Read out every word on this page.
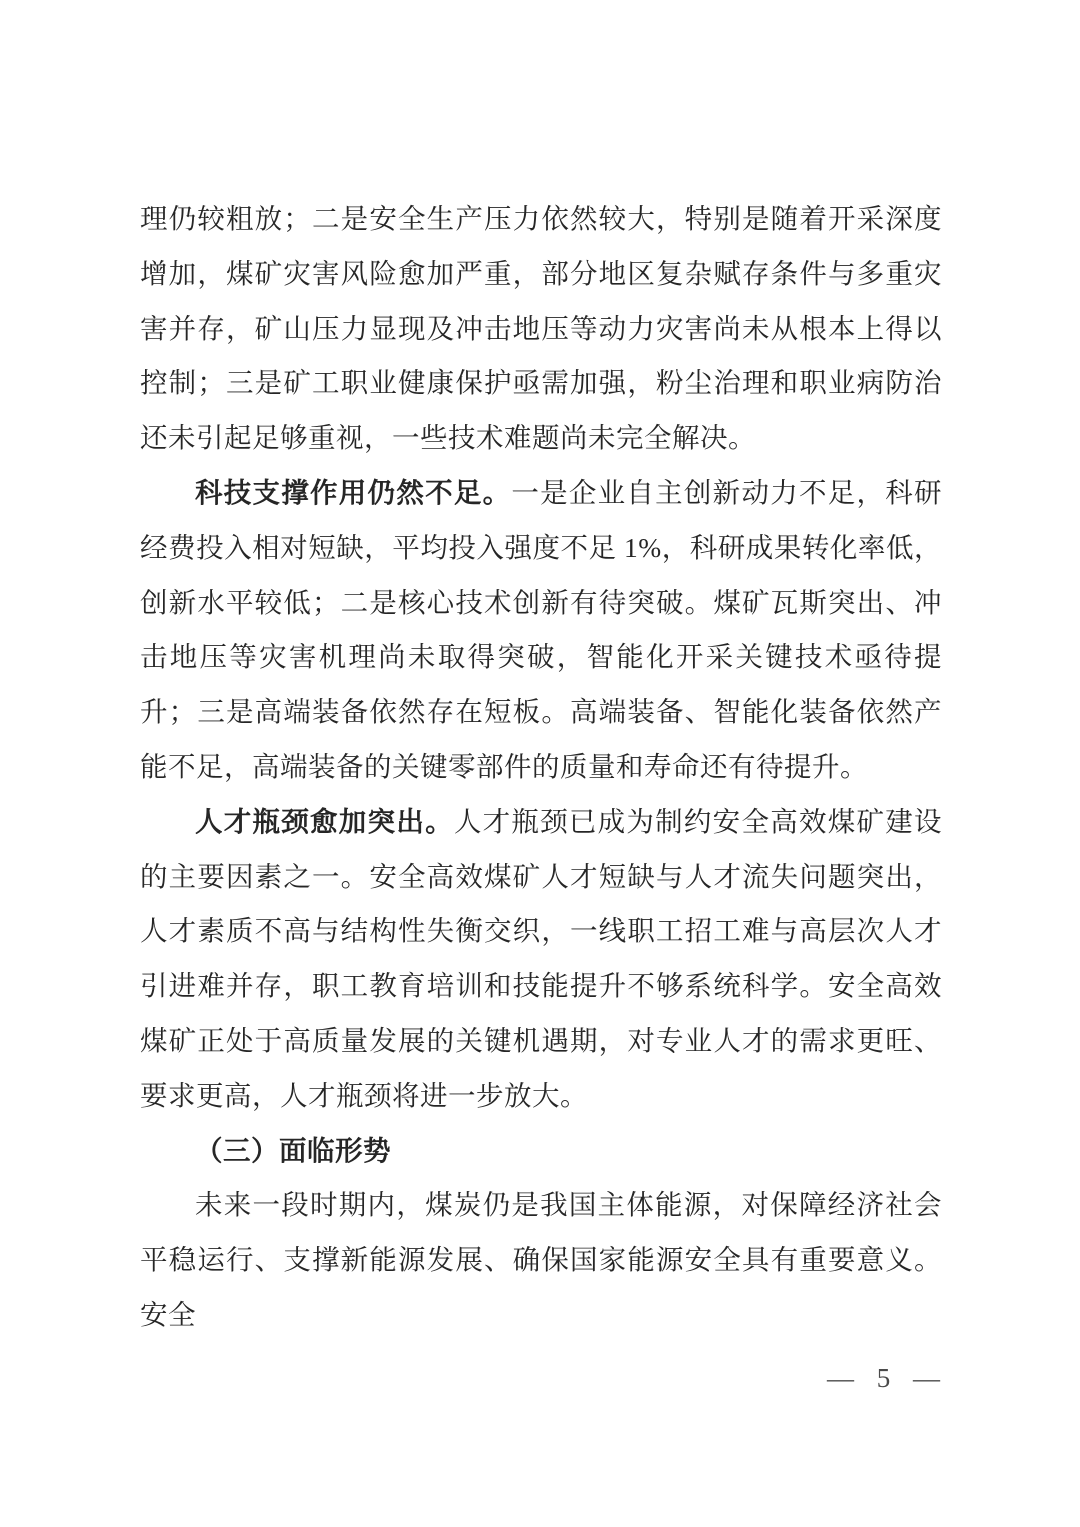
理仍较粗放；二是安全生产压力依然较大，特别是随着开采深度增加，煤矿灾害风险愈加严重，部分地区复杂赋存条件与多重灾害并存，矿山压力显现及冲击地压等动力灾害尚未从根本上得以控制；三是矿工职业健康保护亟需加强，粉尘治理和职业病防治还未引起足够重视，一些技术难题尚未完全解决。

科技支撑作用仍然不足。一是企业自主创新动力不足，科研经费投入相对短缺，平均投入强度不足 1%，科研成果转化率低，创新水平较低；二是核心技术创新有待突破。煤矿瓦斯突出、冲击地压等灾害机理尚未取得突破，智能化开采关键技术亟待提升；三是高端装备依然存在短板。高端装备、智能化装备依然产能不足，高端装备的关键零部件的质量和寿命还有待提升。

人才瓶颈愈加突出。人才瓶颈已成为制约安全高效煤矿建设的主要因素之一。安全高效煤矿人才短缺与人才流失问题突出，人才素质不高与结构性失衡交织，一线职工招工难与高层次人才引进难并存，职工教育培训和技能提升不够系统科学。安全高效煤矿正处于高质量发展的关键机遇期，对专业人才的需求更旺、要求更高，人才瓶颈将进一步放大。

（三）面临形势

未来一段时期内，煤炭仍是我国主体能源，对保障经济社会平稳运行、支撑新能源发展、确保国家能源安全具有重要意义。安全

— 5 —
